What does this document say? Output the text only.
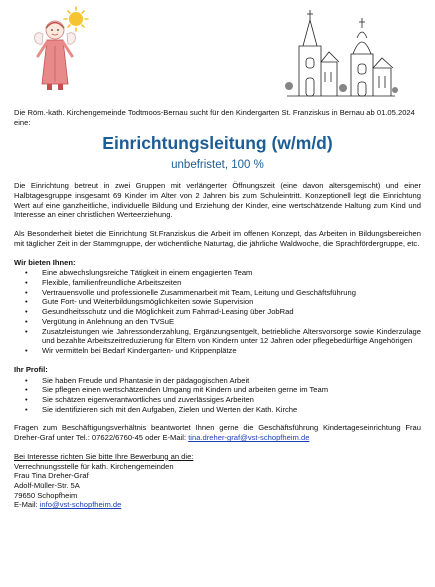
Die Röm.-kath. Kirchengemeinde Todtmoos-Bernau sucht für den Kindergarten St. Franziskus in Bernau ab 01.05.2024 eine:

Einrichtungsleitung (w/m/d)
unbefristet, 100 %

Die Einrichtung betreut in zwei Gruppen mit verlängerter Öffnungszeit (eine davon altersgemischt) und einer Halbtagesgruppe insgesamt 69 Kinder im Alter von 2 Jahren bis zum Schuleintritt. Konzeptionell legt die Einrichtung Wert auf eine ganzheitliche, individuelle Bildung und Erziehung der Kinder, eine wertschätzende Haltung zum Kind und Interesse an einer christlichen Werteerziehung.

Als Besonderheit bietet die Einrichtung St.Franziskus die Arbeit im offenen Konzept, das Arbeiten in Bildungsbereichen mit täglicher Zeit in der Stammgruppe, der wöchentliche Naturtag, die jährliche Waldwoche, die Sprachfördergruppe, etc.

Wir bieten Ihnen:
• Eine abwechslungsreiche Tätigkeit in einem engagierten Team
• Flexible, familienfreundliche Arbeitszeiten
• Vertrauensvolle und professionelle Zusammenarbeit mit Team, Leitung und Geschäftsführung
• Gute Fort- und Weiterbildungsmöglichkeiten sowie Supervision
• Gesundheitsschutz und die Möglichkeit zum Fahrrad-Leasing über JobRad
• Vergütung in Anlehnung an den TVSuE
• Zusatzleistungen wie Jahressonderzahlung, Ergänzungsentgelt, betriebliche Altersvorsorge sowie Kinderzulage und bezahlte Arbeitszeitreduzierung für Eltern von Kindern unter 12 Jahren oder pflegebedürftige Angehörigen
• Wir vermitteln bei Bedarf Kindergarten- und Krippenplätze
Ihr Profil:
• Sie haben Freude und Phantasie in der pädagogischen Arbeit
• Sie pflegen einen wertschätzenden Umgang mit Kindern und arbeiten gerne im Team
• Sie schätzen eigenverantwortliches und zuverlässiges Arbeiten
• Sie identifizieren sich mit den Aufgaben, Zielen und Werten der Kath. Kirche

Fragen zum Beschäftigungsverhältnis beantwortet Ihnen gerne die Geschäftsführung Kindertageseinrichtung Frau Dreher-Graf unter Tel.: 07622/6760-45 oder E-Mail: tina.dreher-graf@vst-schopfheim.de

Bei Interesse richten Sie bitte Ihre Bewerbung an die:
Verrechnungsstelle für kath. Kirchengemeinden
Frau Tina Dreher-Graf
Adolf-Müller-Str. 5A
79650 Schopfheim
E-Mail: info@vst-schopfheim.de
